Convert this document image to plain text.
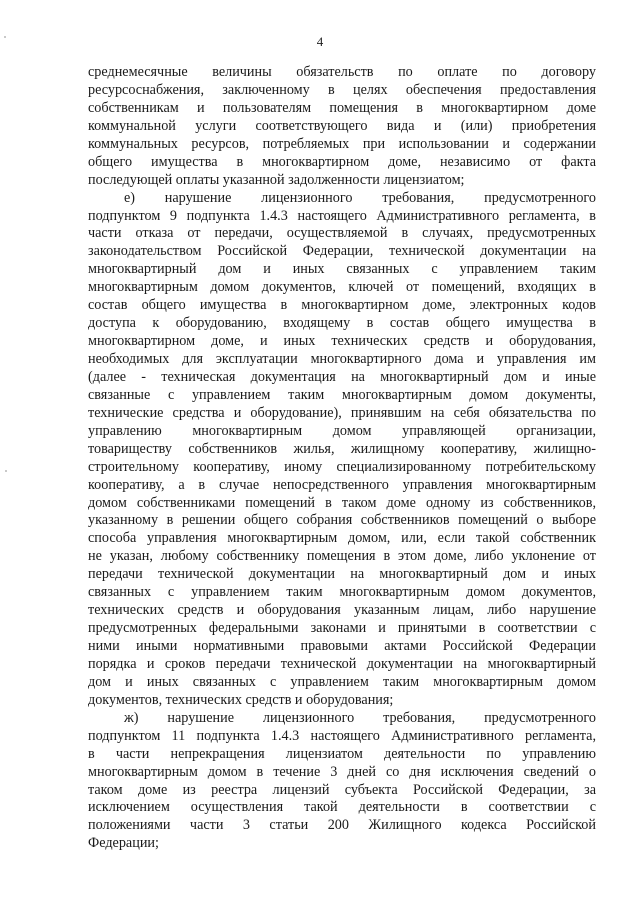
4
среднемесячные величины обязательств по оплате по договору
ресурсоснабжения, заключенному в целях обеспечения предоставления
собственникам и пользователям помещения в многоквартирном доме
коммунальной услуги соответствующего вида и (или) приобретения
коммунальных ресурсов, потребляемых при использовании и содержании
общего имущества в многоквартирном доме, независимо от факта
последующей оплаты указанной задолженности лицензиатом;
е) нарушение лицензионного требования, предусмотренного
подпунктом 9 подпункта 1.4.3 настоящего Административного регламента, в
части отказа от передачи, осуществляемой в случаях, предусмотренных
законодательством Российской Федерации, технической документации на
многоквартирный дом и иных связанных с управлением таким
многоквартирным домом документов, ключей от помещений, входящих в
состав общего имущества в многоквартирном доме, электронных кодов
доступа к оборудованию, входящему в состав общего имущества в
многоквартирном доме, и иных технических средств и оборудования,
необходимых для эксплуатации многоквартирного дома и управления им
(далее - техническая документация на многоквартирный дом и иные
связанные с управлением таким многоквартирным домом документы,
технические средства и оборудование), принявшим на себя обязательства по
управлению многоквартирным домом управляющей организации,
товариществу собственников жилья, жилищному кооперативу, жилищно-
строительному кооперативу, иному специализированному потребительскому
кооперативу, а в случае непосредственного управления многоквартирным
домом собственниками помещений в таком доме одному из собственников,
указанному в решении общего собрания собственников помещений о выборе
способа управления многоквартирным домом, или, если такой собственник
не указан, любому собственнику помещения в этом доме, либо уклонение от
передачи технической документации на многоквартирный дом и иных
связанных с управлением таким многоквартирным домом документов,
технических средств и оборудования указанным лицам, либо нарушение
предусмотренных федеральными законами и принятыми в соответствии с
ними иными нормативными правовыми актами Российской Федерации
порядка и сроков передачи технической документации на многоквартирный
дом и иных связанных с управлением таким многоквартирным домом
документов, технических средств и оборудования;
ж) нарушение лицензионного требования, предусмотренного
подпунктом 11 подпункта 1.4.3 настоящего Административного регламента,
в части непрекращения лицензиатом деятельности по управлению
многоквартирным домом в течение 3 дней со дня исключения сведений о
таком доме из реестра лицензий субъекта Российской Федерации, за
исключением осуществления такой деятельности в соответствии с
положениями части 3 статьи 200 Жилищного кодекса Российской
Федерации;
